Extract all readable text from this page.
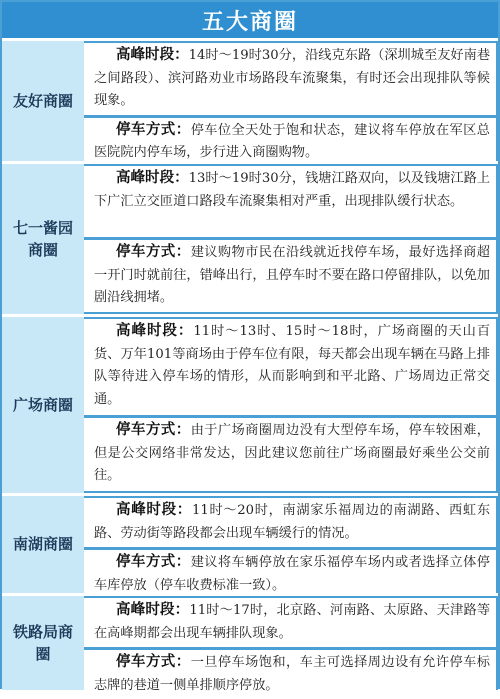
五大商圈
友好商圈
高峰时段：14时～19时30分，沿线克东路（深圳城至友好南巷之间路段）、滨河路劝业市场路段车流聚集，有时还会出现排队等候现象。
停车方式：停车位全天处于饱和状态，建议将车停放在军区总医院院内停车场，步行进入商圈购物。
七一酱园商圈
高峰时段：13时～19时30分，钱塘江路双向，以及钱塘江路上下广汇立交匝道口路段车流聚集相对严重，出现排队缓行状态。
停车方式：建议购物市民在沿线就近找停车场，最好选择商超一开门时就前往，错峰出行，且停车时不要在路口停留排队，以免加剧沿线拥堵。
广场商圈
高峰时段：11时～13时、15时～18时，广场商圈的天山百货、万年101等商场由于停车位有限，每天都会出现车辆在马路上排队等待进入停车场的情形，从而影响到和平北路、广场周边正常交通。
停车方式：由于广场商圈周边没有大型停车场，停车较困难，但是公交网络非常发达，因此建议您前往广场商圈最好乘坐公交前往。
南湖商圈
高峰时段：11时～20时，南湖家乐福周边的南湖路、西虹东路、劳动街等路段都会出现车辆缓行的情况。
停车方式：建议将车辆停放在家乐福停车场内或者选择立体停车库停放（停车收费标准一致）。
铁路局商圈
高峰时段：11时～17时，北京路、河南路、太原路、天津路等在高峰期都会出现车辆排队现象。
停车方式：一旦停车场饱和，车主可选择周边设有允许停车标志牌的巷道一侧单排顺序停放。
